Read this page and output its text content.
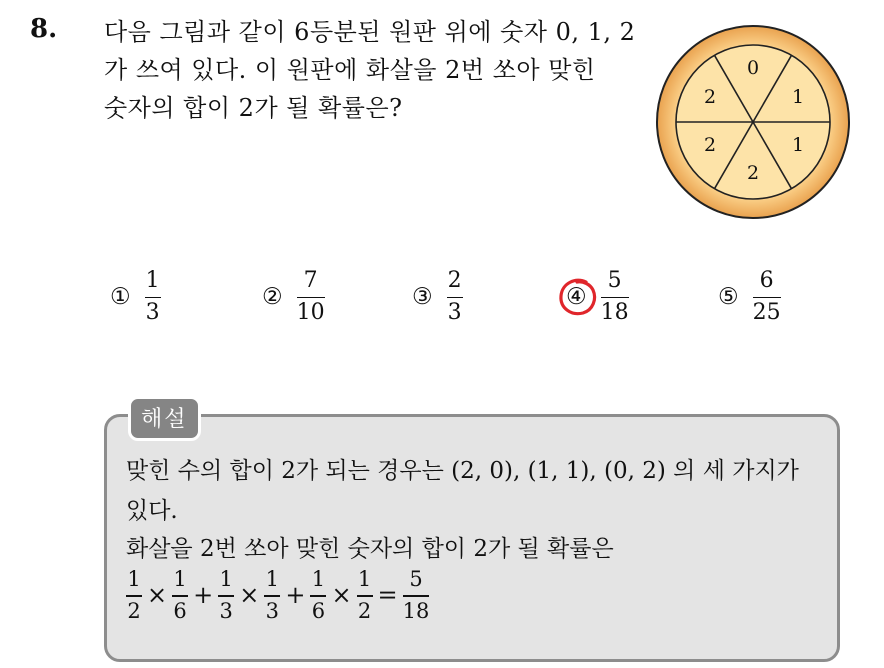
8. 다음 그림과 같이 6등분된 원판 위에 숫자 0, 1, 2
가 쓰여 있다. 이 원판에 화살을 2번 쏘아 맞힌
숫자의 합이 2가 될 확률은?
0
1
1
2
2
2
① $\frac{1}{3}$	② $\frac{7}{10}$	③ $\frac{2}{3}$	④ $\frac{5}{18}$	⑤ $\frac{6}{25}$
해설
맞힌 수의 합이 2가 되는 경우는 (2, 0), (1, 1), (0, 2) 의 세 가지가
있다.
화살을 2번 쏘아 맞힌 숫자의 합이 2가 될 확률은
$\frac{1}{2} \times \frac{1}{6} + \frac{1}{3} \times \frac{1}{3} + \frac{1}{6} \times \frac{1}{2} = \frac{5}{18}$
